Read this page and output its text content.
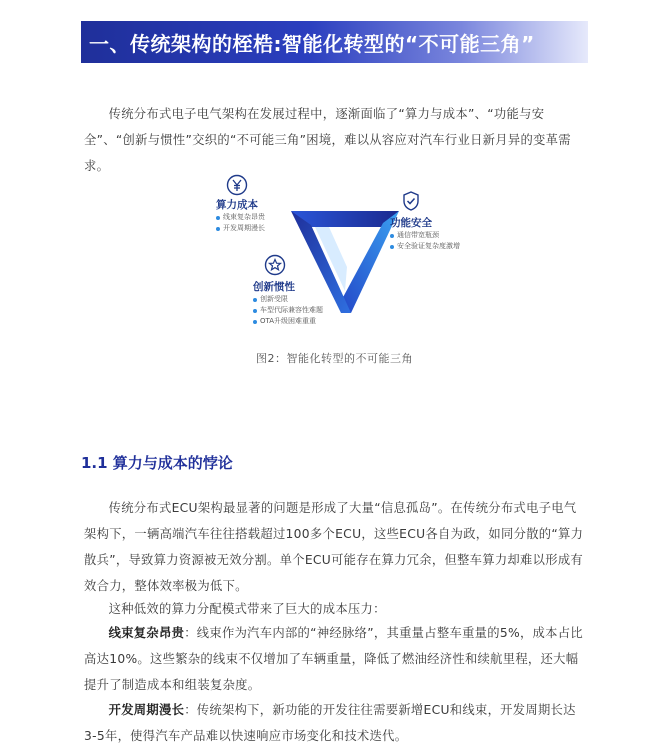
一、传统架构的桎梏:智能化转型的“不可能三角”
传统分布式电子电气架构在发展过程中，逐渐面临了“算力与成本”、“功能与安全”、“创新与惯性”交织的“不可能三角”困境，难以从容应对汽车行业日新月异的变革需求。
算力成本
线束复杂昂贵
开发周期漫长	功能安全
通信带宽瓶颈
安全验证复杂度激增
创新惯性
创新受限
车型代际兼容性难题
OTA升级困难重重
图2：智能化转型的不可能三角
1.1 算力与成本的悖论
传统分布式ECU架构最显著的问题是形成了大量“信息孤岛”。在传统分布式电子电气架构下，一辆高端汽车往往搭载超过100多个ECU，这些ECU各自为政，如同分散的“算力散兵”，导致算力资源被无效分割。单个ECU可能存在算力冗余，但整车算力却难以形成有效合力，整体效率极为低下。
这种低效的算力分配模式带来了巨大的成本压力：
线束复杂昂贵：线束作为汽车内部的“神经脉络”，其重量占整车重量的5%，成本占比高达10%。这些繁杂的线束不仅增加了车辆重量，降低了燃油经济性和续航里程，还大幅提升了制造成本和组装复杂度。
开发周期漫长：传统架构下，新功能的开发往往需要新增ECU和线束，开发周期长达3-5年，使得汽车产品难以快速响应市场变化和技术迭代。
